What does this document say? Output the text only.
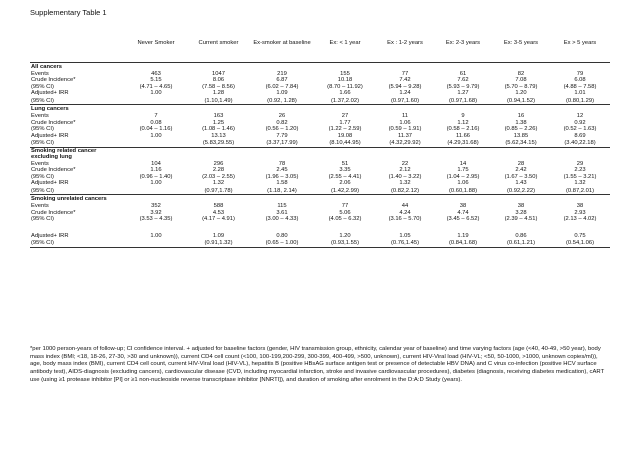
Supplementary Table 1
	Never Smoker	Current smoker	Ex-smoker at baseline	Ex: < 1 year	Ex : 1-2 years	Ex: 2-3 years	Ex: 3-5 years	Ex > 5 years
All cancers								
Events	463	1047	219	155	77	61	82	79
Crude Incidence*	5.15	8.06	6.87	10.18	7.42	7.62	7.08	6.08
(95% CI)	(4.71 – 4.65)	(7.58 – 8.56)	(6.02 – 7.84)	(8.70 – 11.92)	(5.94 – 9.28)	(5.93 – 9.79)	(5.70 – 8.79)	(4.88 – 7.58)
Adjusted+ IRR	1.00	1.28	1.09	1.66	1.24	1.27	1.20	1.01
(95% CI)		(1.10,1.49)	(0.92, 1.28)	(1.37,2.02)	(0.97,1.60)	(0.97,1.68)	(0.94,1.52)	(0.80,1.29)
Lung cancers								
Events	7	163	26	27	11	9	16	12
Crude Incidence*	0.08	1.25	0.82	1.77	1.06	1.12	1.38	0.92
(95% CI)	(0.04 – 1.16)	(1.08 – 1.46)	(0.56 – 1.20)	(1.22 – 2.59)	(0.59 – 1.91)	(0.58 – 2.16)	(0.85 – 2.26)	(0.52 – 1.63)
Adjusted+ IRR	1.00	13.13	7.79	19.08	11.37	11.66	13.85	8.69
(95% CI)		(5.83,29.55)	(3.37,17.99)	(8.10,44.95)	(4.32,29.92)	(4.29,31.68)	(5.62,34.15)	(3.40,22.18)
Smoking related cancer excluding lung								
Events	104	296	78	51	22	14	28	29
Crude Incidence*	1.16	2.28	2.45	3.35	2.12	1.75	2.42	2.23
(95% CI)	(0.96 – 1.40)	(2.03 – 2.55)	(1.96 – 3.05)	(2.55 – 4.41)	(1.40 – 3.22)	(1.04 – 2.95)	(1.67 – 3.50)	(1.55 – 3.21)
Adjusted+ IRR	1.00	1.32	1.58	2.06	1.32	1.06	1.43	1.32
(95% CI)		(0.97,1.78)	(1.18, 2.14)	(1.42,2.99)	(0.82,2.12)	(0.60,1.88)	(0.92,2.22)	(0.87,2.01)
Smoking unrelated cancers								
Events	352	588	115	77	44	38	38	38
Crude Incidence*	3.92	4.53	3.61	5.06	4.24	4.74	3.28	2.93
(95% CI)	(3.53 – 4.35)	(4.17 – 4.91)	(3.00 – 4.33)	(4.05 – 6.32)	(3.16 – 5.70)	(3.45 – 6.52)	(2.39 – 4.51)	(2.13 – 4.02)

Adjusted+ IRR	1.00	1.09	0.80	1.20	1.05	1.19	0.86	0.75
(95% CI)		(0.91,1.32)	(0.65 – 1.00)	(0.93,1.55)	(0.76,1.45)	(0.84,1.68)	(0.61,1.21)	(0.54,1.06)
*per 1000 person-years of follow-up; CI confidence interval. + adjusted for baseline factors (gender, HIV transmission group, ethnicity, calendar year of baseline) and time varying factors (age (<40, 40-49, >50 year), body mass index (BMI; <18, 18-26, 27-30, >30 and unknown)), current CD4 cell count (<100, 100-199,200-299, 300-399, 400-499, >500, unknown), current HIV-Viral load (HIV-VL; <50, 50-1000, >1000, unknown copies/ml)), age, body mass index (BMI), current CD4 cell count, current HIV-Viral load (HIV-VL), hepatitis B (positive HBsAG surface antigen test or presence of detectable HBV DNA) and C virus co-infection (positive HCV surface antibody test), AIDS-diagnosis (excluding cancers), cardiovascular disease (CVD, including myocardial infarction, stroke and invasive cardiovascular procedures), diabetes (diagnosis, receiving diabetes medication), cART use (using ≥1 protease inhibitor [PI] or ≥1 non-nucleoside reverse transcriptase inhibitor [NNRTI]), and duration of smoking after enrolment in the D:A:D Study (years).
